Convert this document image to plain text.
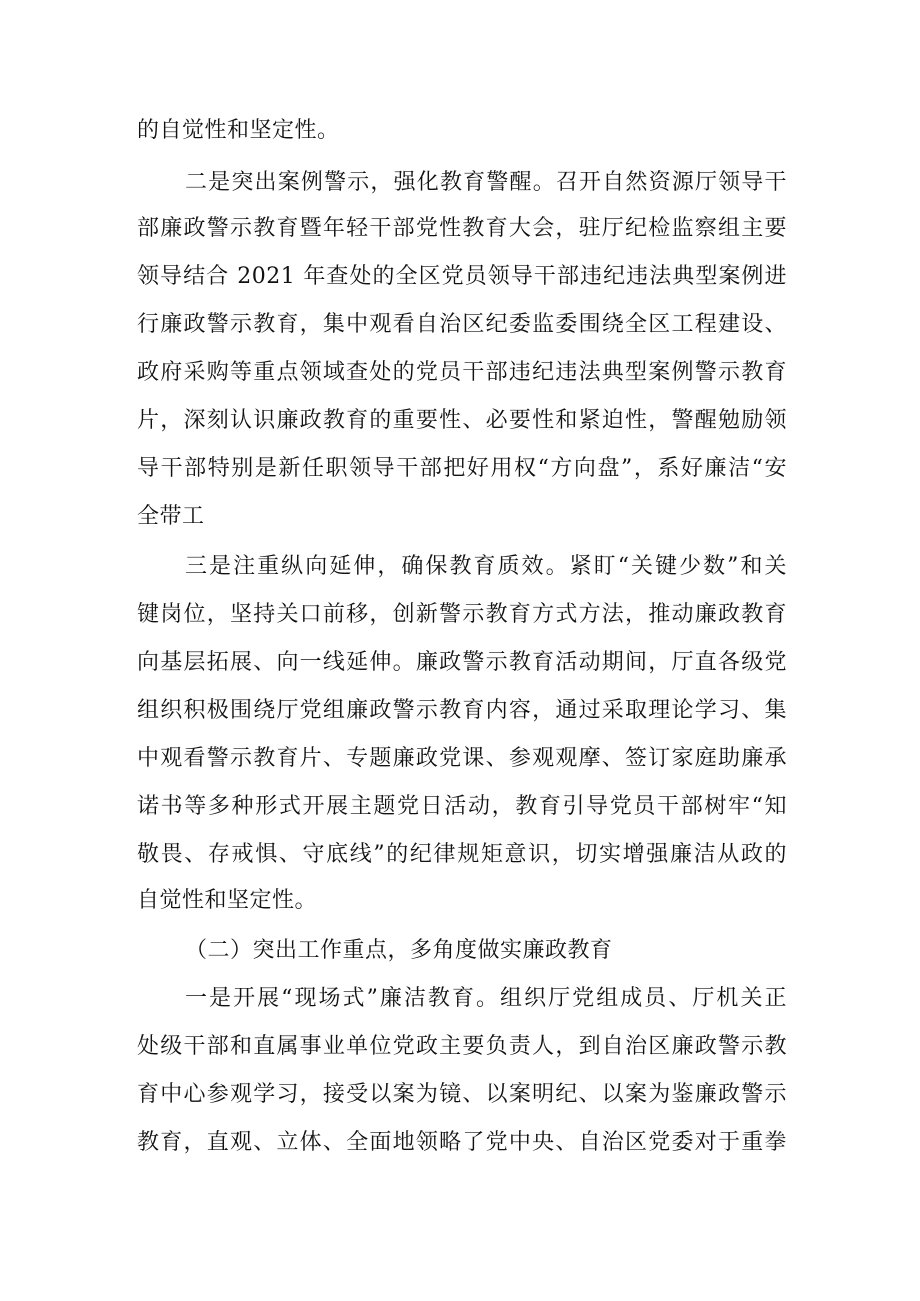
的自觉性和坚定性。
二是突出案例警示，强化教育警醒。召开自然资源厅领导干
部廉政警示教育暨年轻干部党性教育大会，驻厅纪检监察组主要
领导结合 2021 年查处的全区党员领导干部违纪违法典型案例进
行廉政警示教育，集中观看自治区纪委监委围绕全区工程建设、
政府采购等重点领域查处的党员干部违纪违法典型案例警示教育
片，深刻认识廉政教育的重要性、必要性和紧迫性，警醒勉励领
导干部特别是新任职领导干部把好用权“方向盘”，系好廉洁“安
全带工
三是注重纵向延伸，确保教育质效。紧盯“关键少数”和关
键岗位，坚持关口前移，创新警示教育方式方法，推动廉政教育
向基层拓展、向一线延伸。廉政警示教育活动期间，厅直各级党
组织积极围绕厅党组廉政警示教育内容，通过采取理论学习、集
中观看警示教育片、专题廉政党课、参观观摩、签订家庭助廉承
诺书等多种形式开展主题党日活动，教育引导党员干部树牢“知
敬畏、存戒惧、守底线”的纪律规矩意识，切实增强廉洁从政的
自觉性和坚定性。
（二）突出工作重点，多角度做实廉政教育
一是开展“现场式”廉洁教育。组织厅党组成员、厅机关正
处级干部和直属事业单位党政主要负责人，到自治区廉政警示教
育中心参观学习，接受以案为镜、以案明纪、以案为鉴廉政警示
教育，直观、立体、全面地领略了党中央、自治区党委对于重拳
